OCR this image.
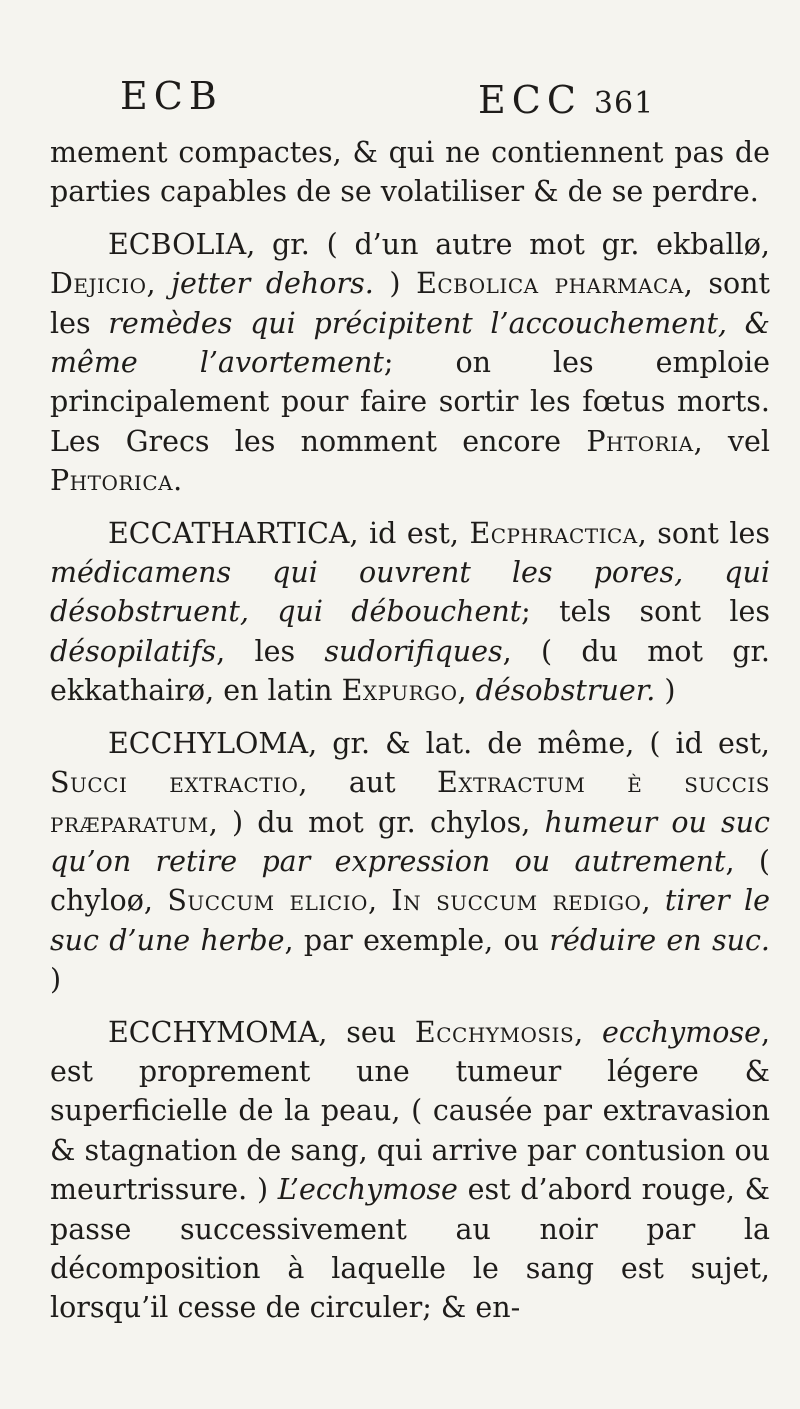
ECB	ECC 361

mement compactes, & qui ne contiennent pas de parties capables de se volatiliser & de se perdre.

ECBOLIA, gr. ( d’un autre mot gr. ekballø, Dejicio, jetter dehors. ) Ecbolica pharmaca, sont les remèdes qui précipitent l’accouchement, & même l’avortement; on les emploie principalement pour faire sortir les fœtus morts. Les Grecs les nomment encore Phtoria, vel Phtorica.

ECCATHARTICA, id est, Ecphractica, sont les médicamens qui ouvrent les pores, qui désobstruent, qui débouchent; tels sont les désopilatifs, les sudorifiques, ( du mot gr. ekkathairø, en latin Expurgo, désobstruer. )

ECCHYLOMA, gr. & lat. de même, ( id est, Succi extractio, aut Extractum è succis præparatum, ) du mot gr. chylos, humeur ou suc qu’on retire par expression ou autrement, ( chyloø, Succum elicio, In succum redigo, tirer le suc d’une herbe, par exemple, ou réduire en suc. )

ECCHYMOMA, seu Ecchymosis, ecchymose, est proprement une tumeur légere & superficielle de la peau, ( causée par extravasion & stagnation de sang, qui arrive par contusion ou meurtrissure. ) L’ecchymose est d’abord rouge, & passe successivement au noir par la décomposition à laquelle le sang est sujet, lorsqu’il cesse de circuler; & en-
